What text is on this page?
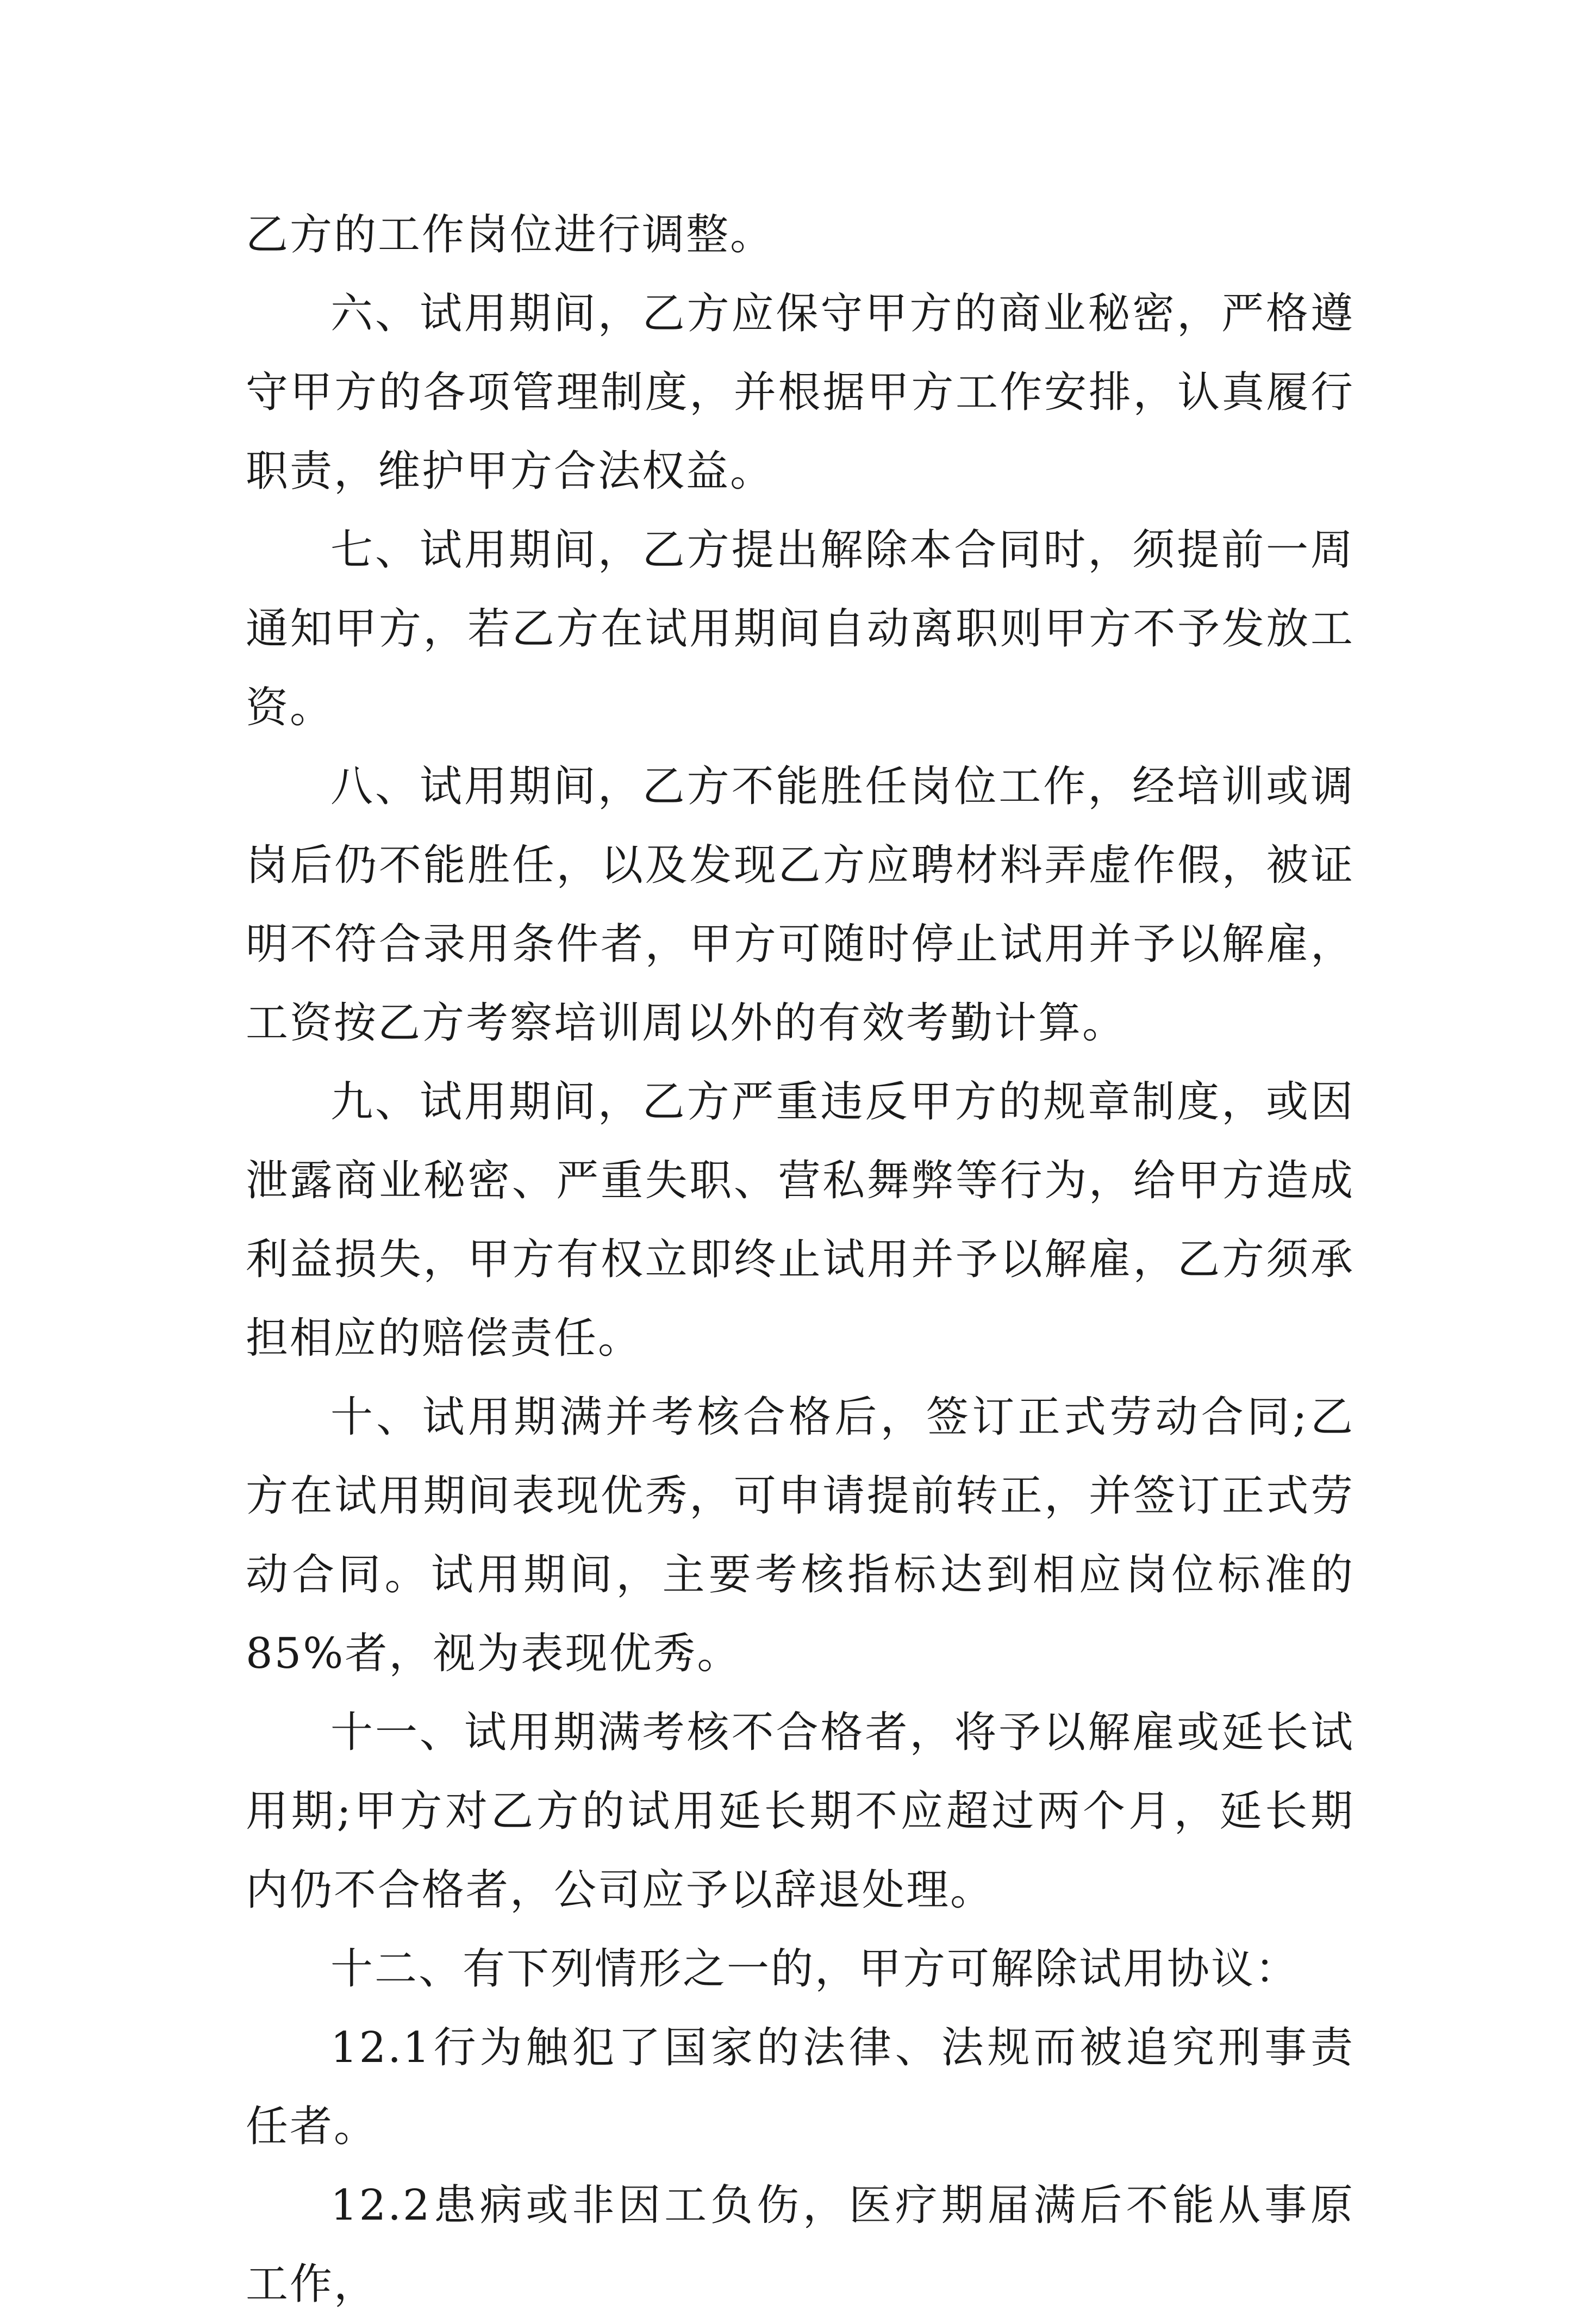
乙方的工作岗位进行调整。

六、试用期间，乙方应保守甲方的商业秘密，严格遵守甲方的各项管理制度，并根据甲方工作安排，认真履行职责，维护甲方合法权益。

七、试用期间，乙方提出解除本合同时，须提前一周通知甲方，若乙方在试用期间自动离职则甲方不予发放工资。

八、试用期间，乙方不能胜任岗位工作，经培训或调岗后仍不能胜任，以及发现乙方应聘材料弄虚作假，被证明不符合录用条件者，甲方可随时停止试用并予以解雇，工资按乙方考察培训周以外的有效考勤计算。

九、试用期间，乙方严重违反甲方的规章制度，或因泄露商业秘密、严重失职、营私舞弊等行为，给甲方造成利益损失，甲方有权立即终止试用并予以解雇，乙方须承担相应的赔偿责任。

十、试用期满并考核合格后，签订正式劳动合同;乙方在试用期间表现优秀，可申请提前转正，并签订正式劳动合同。试用期间，主要考核指标达到相应岗位标准的85%者，视为表现优秀。

十一、试用期满考核不合格者，将予以解雇或延长试用期;甲方对乙方的试用延长期不应超过两个月，延长期内仍不合格者，公司应予以辞退处理。

十二、有下列情形之一的，甲方可解除试用协议：

12.1行为触犯了国家的法律、法规而被追究刑事责任者。

12.2患病或非因工负伤，医疗期届满后不能从事原工作，
